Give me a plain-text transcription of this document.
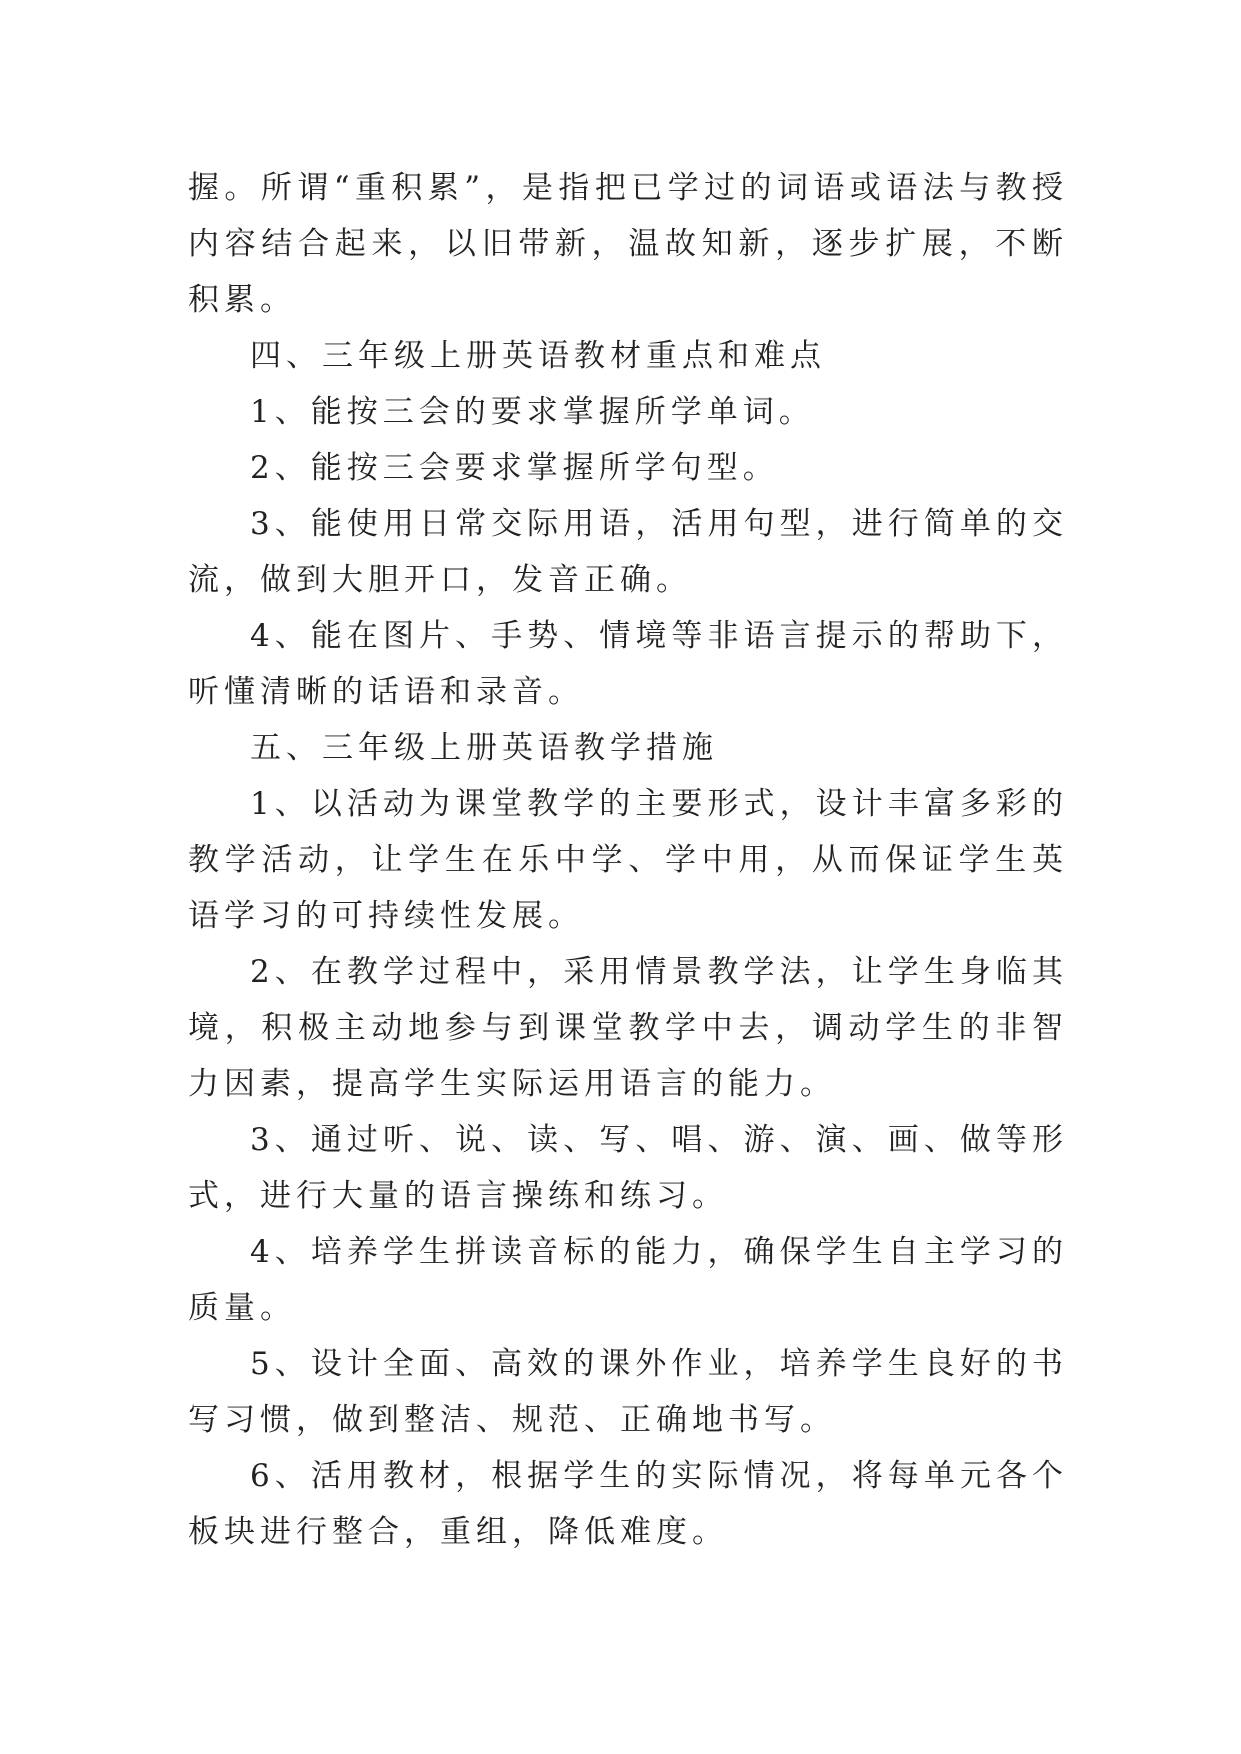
握。所谓“重积累”，是指把已学过的词语或语法与教授内容结合起来，以旧带新，温故知新，逐步扩展，不断积累。

四、三年级上册英语教材重点和难点

1、能按三会的要求掌握所学单词。

2、能按三会要求掌握所学句型。

3、能使用日常交际用语，活用句型，进行简单的交流，做到大胆开口，发音正确。

4、能在图片、手势、情境等非语言提示的帮助下，听懂清晰的话语和录音。

五、三年级上册英语教学措施

1、以活动为课堂教学的主要形式，设计丰富多彩的教学活动，让学生在乐中学、学中用，从而保证学生英语学习的可持续性发展。

2、在教学过程中，采用情景教学法，让学生身临其境，积极主动地参与到课堂教学中去，调动学生的非智力因素，提高学生实际运用语言的能力。

3、通过听、说、读、写、唱、游、演、画、做等形式，进行大量的语言操练和练习。

4、培养学生拼读音标的能力，确保学生自主学习的质量。

5、设计全面、高效的课外作业，培养学生良好的书写习惯，做到整洁、规范、正确地书写。

6、活用教材，根据学生的实际情况，将每单元各个板块进行整合，重组，降低难度。
